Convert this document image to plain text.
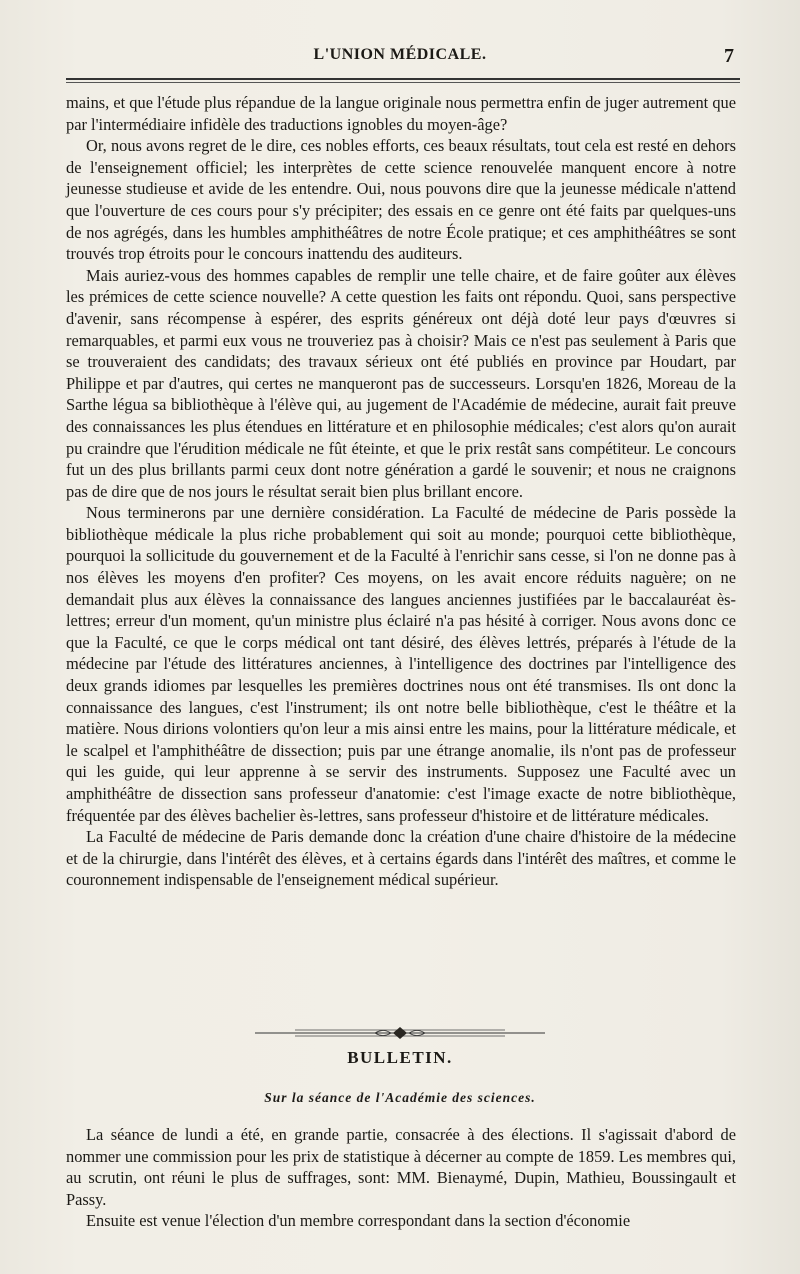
L'UNION MÉDICALE.	7

mains, et que l'étude plus répandue de la langue originale nous permettra enfin de juger autrement que par l'intermédiaire infidèle des traductions ignobles du moyen-âge?

Or, nous avons regret de le dire, ces nobles efforts, ces beaux résultats, tout cela est resté en dehors de l'enseignement officiel; les interprètes de cette science renouvelée manquent encore à notre jeunesse studieuse et avide de les entendre. Oui, nous pouvons dire que la jeunesse médicale n'attend que l'ouverture de ces cours pour s'y précipiter; des essais en ce genre ont été faits par quelques-uns de nos agrégés, dans les humbles amphithéâtres de notre École pratique; et ces amphithéâtres se sont trouvés trop étroits pour le concours inattendu des auditeurs.

Mais auriez-vous des hommes capables de remplir une telle chaire, et de faire goûter aux élèves les prémices de cette science nouvelle? A cette question les faits ont répondu. Quoi, sans perspective d'avenir, sans récompense à espérer, des esprits généreux ont déjà doté leur pays d'œuvres si remarquables, et parmi eux vous ne trouveriez pas à choisir? Mais ce n'est pas seulement à Paris que se trouveraient des candidats; des travaux sérieux ont été publiés en province par Houdart, par Philippe et par d'autres, qui certes ne manqueront pas de successeurs. Lorsqu'en 1826, Moreau de la Sarthe légua sa bibliothèque à l'élève qui, au jugement de l'Académie de médecine, aurait fait preuve des connaissances les plus étendues en littérature et en philosophie médicales; c'est alors qu'on aurait pu craindre que l'érudition médicale ne fût éteinte, et que le prix restât sans compétiteur. Le concours fut un des plus brillants parmi ceux dont notre génération a gardé le souvenir; et nous ne craignons pas de dire que de nos jours le résultat serait bien plus brillant encore.

Nous terminerons par une dernière considération. La Faculté de médecine de Paris possède la bibliothèque médicale la plus riche probablement qui soit au monde; pourquoi cette bibliothèque, pourquoi la sollicitude du gouvernement et de la Faculté à l'enrichir sans cesse, si l'on ne donne pas à nos élèves les moyens d'en profiter? Ces moyens, on les avait encore réduits naguère; on ne demandait plus aux élèves la connaissance des langues anciennes justifiées par le baccalauréat ès-lettres; erreur d'un moment, qu'un ministre plus éclairé n'a pas hésité à corriger. Nous avons donc ce que la Faculté, ce que le corps médical ont tant désiré, des élèves lettrés, préparés à l'étude de la médecine par l'étude des littératures anciennes, à l'intelligence des doctrines par l'intelligence des deux grands idiomes par lesquelles les premières doctrines nous ont été transmises. Ils ont donc la connaissance des langues, c'est l'instrument; ils ont notre belle bibliothèque, c'est le théâtre et la matière. Nous dirions volontiers qu'on leur a mis ainsi entre les mains, pour la littérature médicale, et le scalpel et l'amphithéâtre de dissection; puis par une étrange anomalie, ils n'ont pas de professeur qui les guide, qui leur apprenne à se servir des instruments. Supposez une Faculté avec un amphithéâtre de dissection sans professeur d'anatomie: c'est l'image exacte de notre bibliothèque, fréquentée par des élèves bachelier ès-lettres, sans professeur d'histoire et de littérature médicales.

La Faculté de médecine de Paris demande donc la création d'une chaire d'histoire de la médecine et de la chirurgie, dans l'intérêt des élèves, et à certains égards dans l'intérêt des maîtres, et comme le couronnement indispensable de l'enseignement médical supérieur.

BULLETIN.
Sur la séance de l'Académie des sciences.

La séance de lundi a été, en grande partie, consacrée à des élections. Il s'agissait d'abord de nommer une commission pour les prix de statistique à décerner au compte de 1859. Les membres qui, au scrutin, ont réuni le plus de suffrages, sont: MM. Bienaymé, Dupin, Mathieu, Boussingault et Passy.

Ensuite est venue l'élection d'un membre correspondant dans la section d'économie
